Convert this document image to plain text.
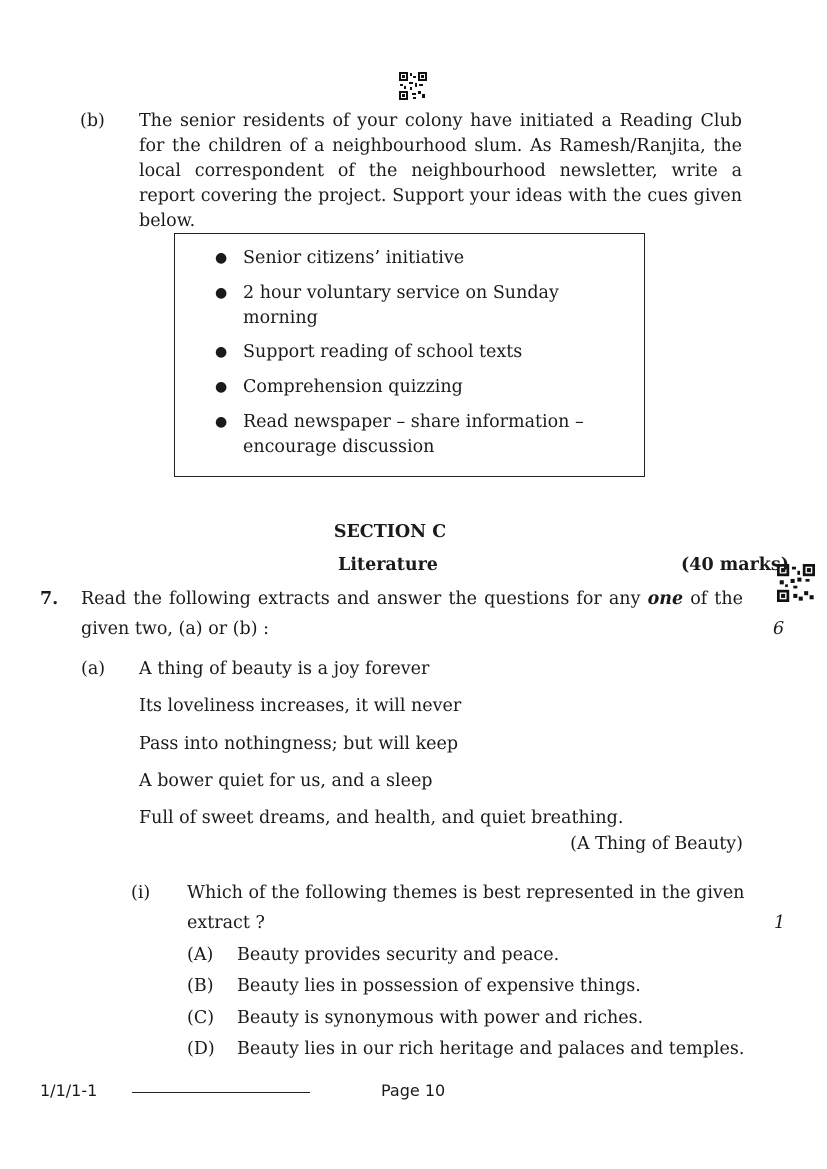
(b) The senior residents of your colony have initiated a Reading Club for the children of a neighbourhood slum. As Ramesh/Ranjita, the local correspondent of the neighbourhood newsletter, write a report covering the project. Support your ideas with the cues given below.
● Senior citizens’ initiative
● 2 hour voluntary service on Sunday
morning
● Support reading of school texts
● Comprehension quizzing
● Read newspaper – share information –
encourage discussion
SECTION C
Literature	(40 marks)
7. Read the following extracts and answer the questions for any one of the
given two, (a) or (b) :	6
(a) A thing of beauty is a joy forever
Its loveliness increases, it will never
Pass into nothingness; but will keep
A bower quiet for us, and a sleep
Full of sweet dreams, and health, and quiet breathing.
(A Thing of Beauty)
(i) Which of the following themes is best represented in the given
extract ?	1
(A) Beauty provides security and peace.
(B) Beauty lies in possession of expensive things.
(C) Beauty is synonymous with power and riches.
(D) Beauty lies in our rich heritage and palaces and temples.
1/1/1-1	Page 10
